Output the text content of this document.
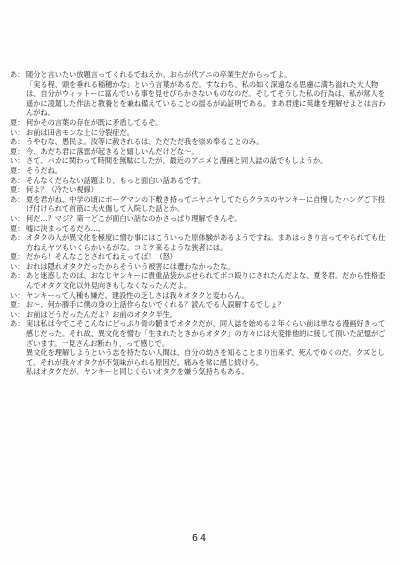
あ： 随分と言いたい放題言ってくれるでねえか。おらが代アニの卒業生だからってよ。
「実る程、頭を垂れる稲穂かな」という言葉があるだ。すなわち、私の如く深遠なる思慮に満ち溢れた大人物は、自分がウィットーに富んでいる事を見せびらかさないものなのだ。そしてそうした私の行為は、私が常人を遥かに凌駕した作法と教養とを兼ね備えていることの揺るがぬ証明である。まあ君達に英雄を理解せよとは言わんがね。
夏： 何かその言葉の存在が既に矛盾してるぞ。
い： お前は田舎モンな上に分裂症だ。
あ： うやむな、愚民よ。汝等に赦されるは、ただただ我を崇め奉ることのみ。
夏： 今、あだち君に落雷が起きると嬉しいんだけどな〜。
い： さて、バカに関わって時間を無駄にしたが、最近のアニメと漫画と同人誌の話でもしようか。
夏： そうだね。
あ： そんなくだらない話題より、もっと面白い話あるです。
夏： 何よ？（冷たい視線）
あ： 夏を君がね、中学の頃にボーグマンの下敷き持ってニヤニヤしてたらクラスのヤンキーに自慢したハングご下投げ付けられて首筋に大火傷して入院した話とか。
い： 何だ…？マジ？第一どこが面白い話なのかさっぱり理解できんぞ。
夏： 嘘に決まってるだろ…。
あ： オタクの人が異文化を極度に憎む事にはこういった原体験があるようですね。まあはっきり言ってやられても仕方ねえヤツもいくらかいるがな。コミケ来るような狭者には。
夏： だから！そんなことされてねえってば！（怒）
い： おれは隠れオタクだったからそういう被害には遭わなかったな。
あ： あと迷惑したのは、おなじヤンキーに貴重品袋かぶせられてボコ殴りにされたんだよな、夏冬君。だから性格歪んでオタク文化以外見向きもしなくなったんだよ。
い： ヤンキーって人種も嫌だ。建設性の乏しさは我々オタクと変わらん。
夏： お〜、何か勝手に僕の身の上話作らないでくれる？読んでる人誤解するでしょ？
い： お前はどうだったんだよ？お前のオタク半生。
あ： 実は私は今でこそこんなにどっぷり骨の髄までオタクだが、同人誌を始める２年くらい前は単なる漫画好きって感じだった。それ故、異文化を憎む「生まれたときからオタク」の方々には大変排他的に接して頂いた記憶がございます。一見さんお断わり、って感じで。
異文化を理解しようという志を持たない人間は、自分の幼さを知ることまり出来ず、死んでゆくのだ。クズとして。それが我々オタクが不気味がられる原因だ。痛みを常に感じ続けろ。
私はオタクだが、ヤンキーと同じくらいオタクを嫌う気持ちもある。
64
